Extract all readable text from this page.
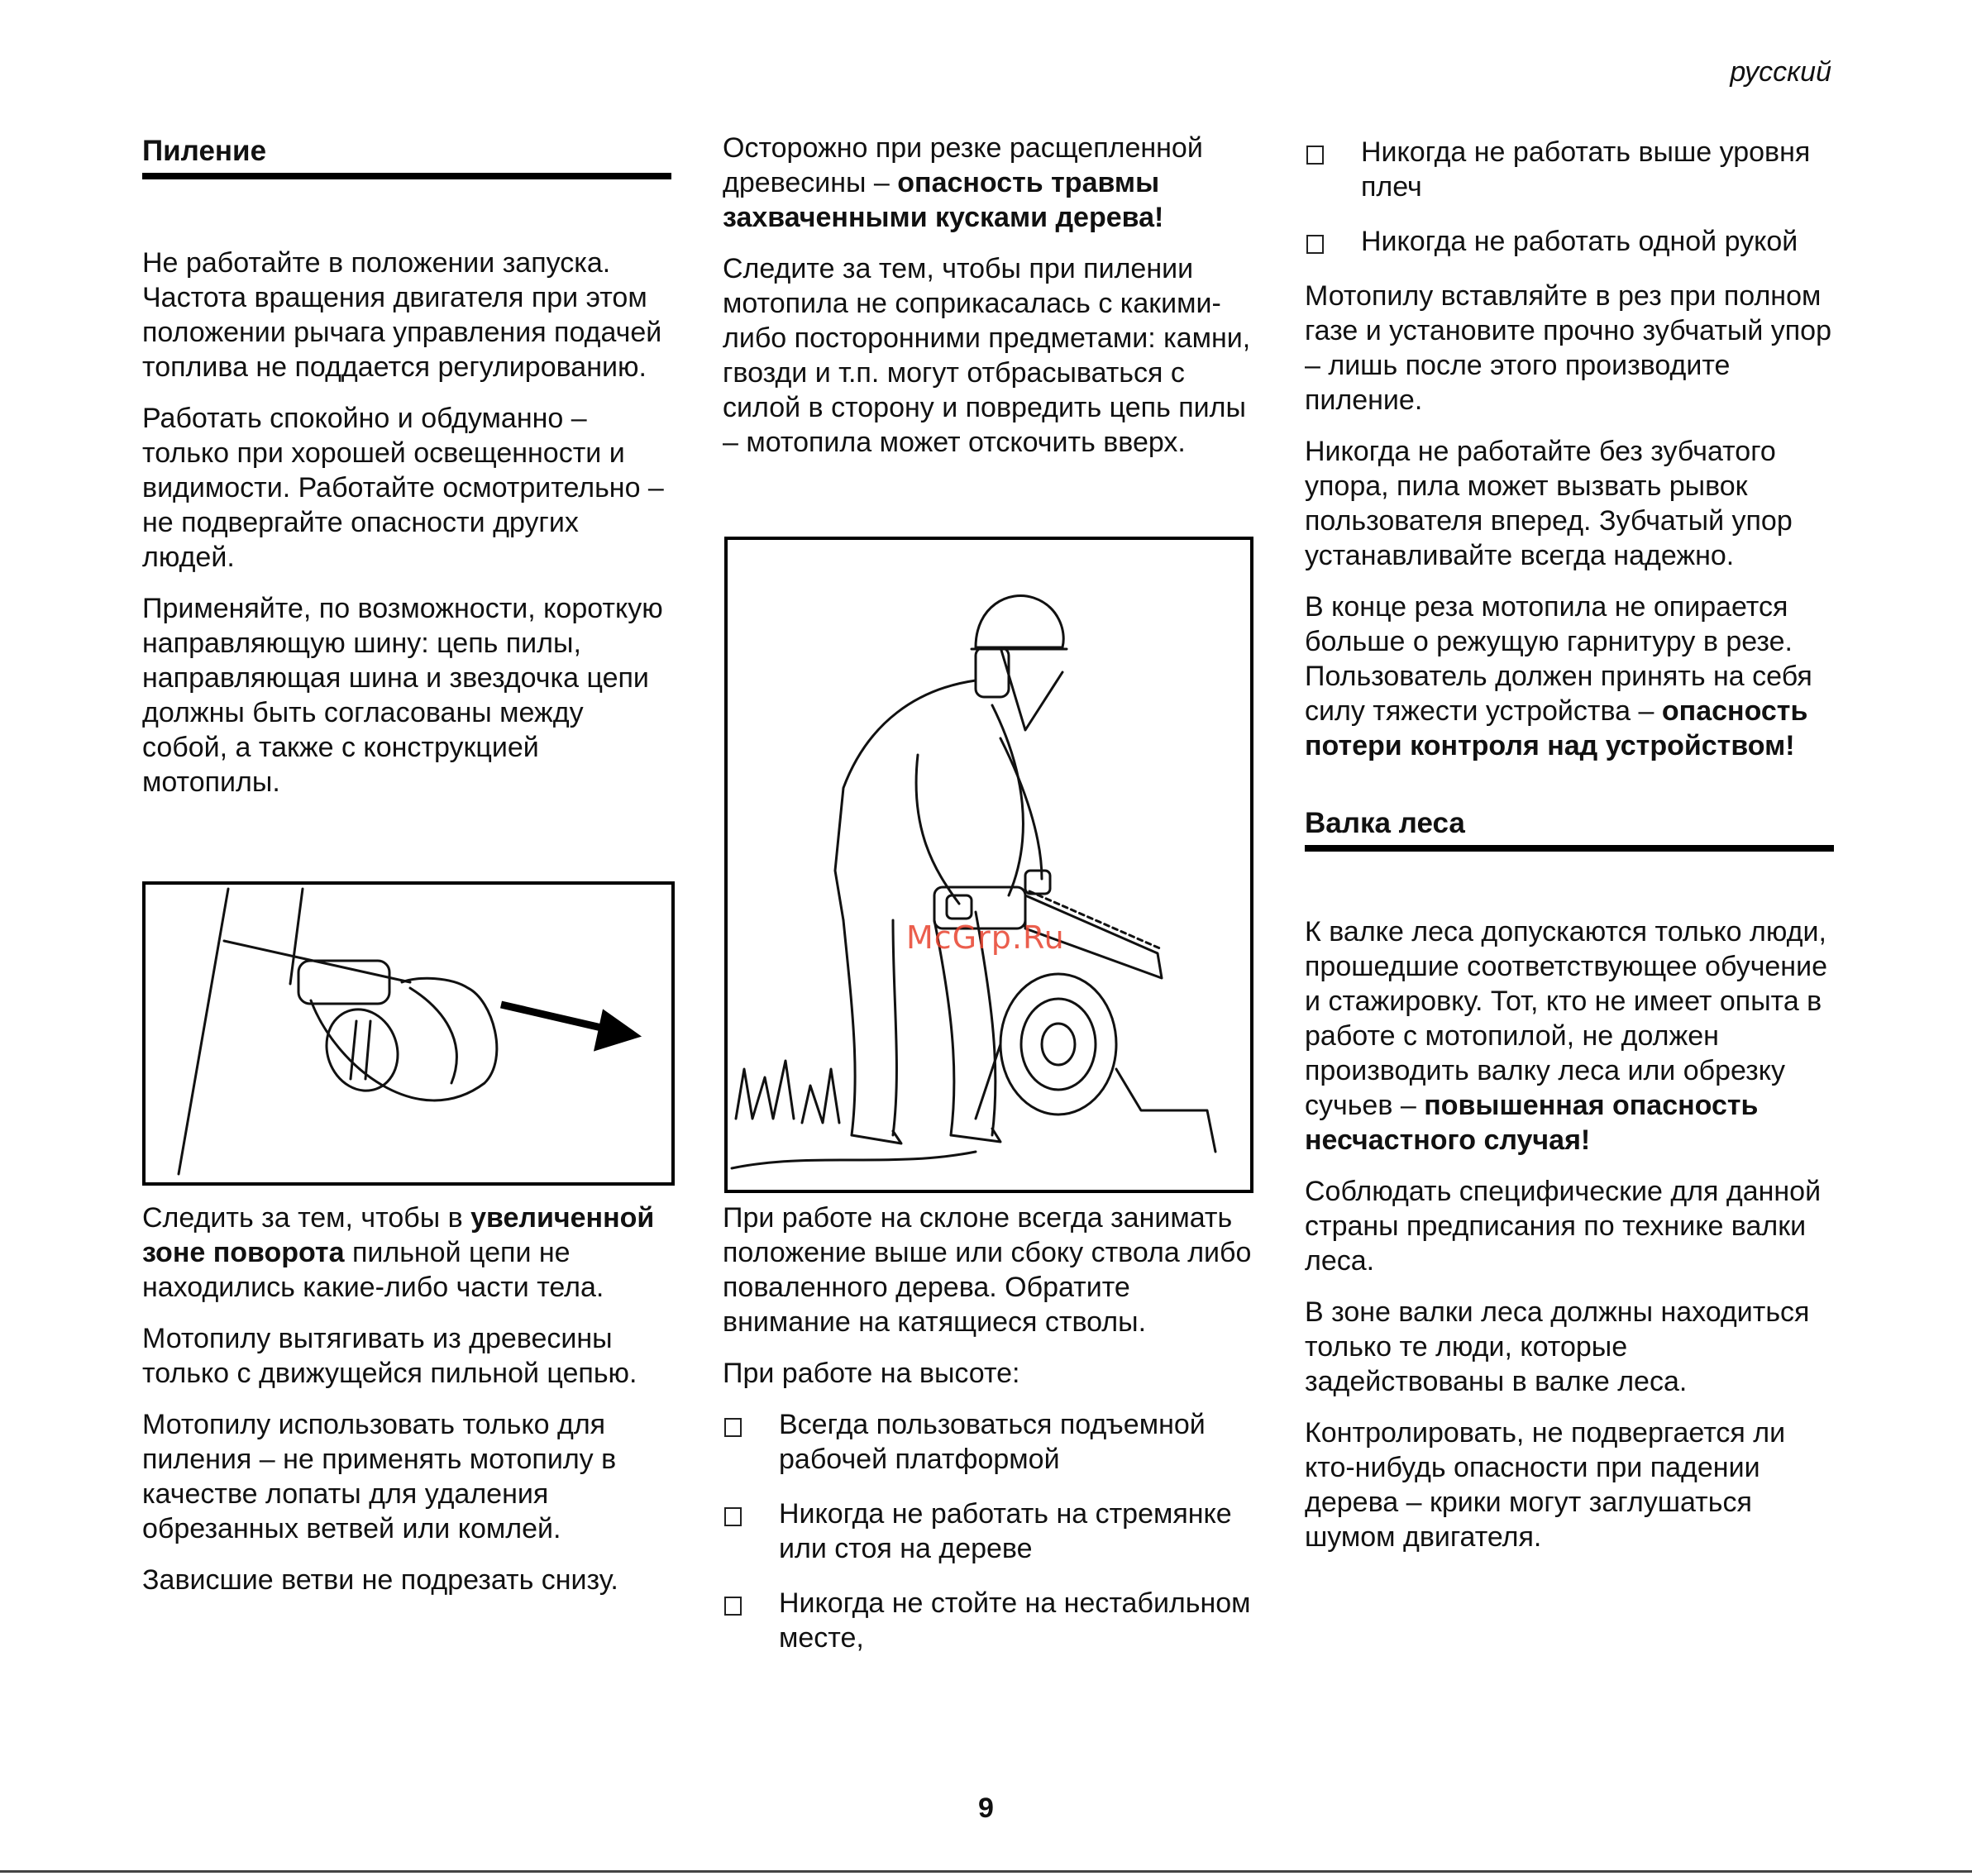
русский
Пиление

Не работайте в положении запуска. Частота вращения двигателя при этом положении рычага управления подачей топлива не поддается регулированию.

Работать спокойно и обдуманно – только при хорошей освещенности и видимости. Работайте осмотрительно – не подвергайте опасности других людей.

Применяйте, по возможности, короткую направляющую шину: цепь пилы, направляющая шина и звездочка цепи должны быть согласованы между собой, а также с конструкцией мотопилы.

Следить за тем, чтобы в увеличенной зоне поворота пильной цепи не находились какие-либо части тела.

Мотопилу вытягивать из древесины только с движущейся пильной цепью.

Мотопилу использовать только для пиления – не применять мотопилу в качестве лопаты для удаления обрезанных ветвей или комлей.

Зависшие ветви не подрезать снизу.

Осторожно при резке расщепленной древесины – опасность травмы захваченными кусками дерева!

Следите за тем, чтобы при пилении мотопила не соприкасалась с какими-либо посторонними предметами: камни, гвозди и т.п. могут отбрасываться с силой в сторону и повредить цепь пилы – мотопила может отскочить вверх.

McGrp.Ru

При работе на склоне всегда занимать положение выше или сбоку ствола либо поваленного дерева. Обратите внимание на катящиеся стволы.

При работе на высоте:

Всегда пользоваться подъемной рабочей платформой
Никогда не работать на стремянке или стоя на дереве
Никогда не стойте на нестабильном месте,
Никогда не работать выше уровня плеч
Никогда не работать одной рукой

Мотопилу вставляйте в рез при полном газе и установите прочно зубчатый упор – лишь после этого производите пиление.

Никогда не работайте без зубчатого упора, пила может вызвать рывок пользователя вперед. Зубчатый упор устанавливайте всегда надежно.

В конце реза мотопила не опирается больше о режущую гарнитуру в резе. Пользователь должен принять на себя силу тяжести устройства – опасность потери контроля над устройством!

Валка леса

К валке леса допускаются только люди, прошедшие соответствующее обучение и стажировку. Тот, кто не имеет опыта в работе с мотопилой, не должен производить валку леса или обрезку сучьев – повышенная опасность несчастного случая!

Соблюдать специфические для данной страны предписания по технике валки леса.

В зоне валки леса должны находиться только те люди, которые задействованы в валке леса.

Контролировать, не подвергается ли кто-нибудь опасности при падении дерева – крики могут заглушаться шумом двигателя.

9
